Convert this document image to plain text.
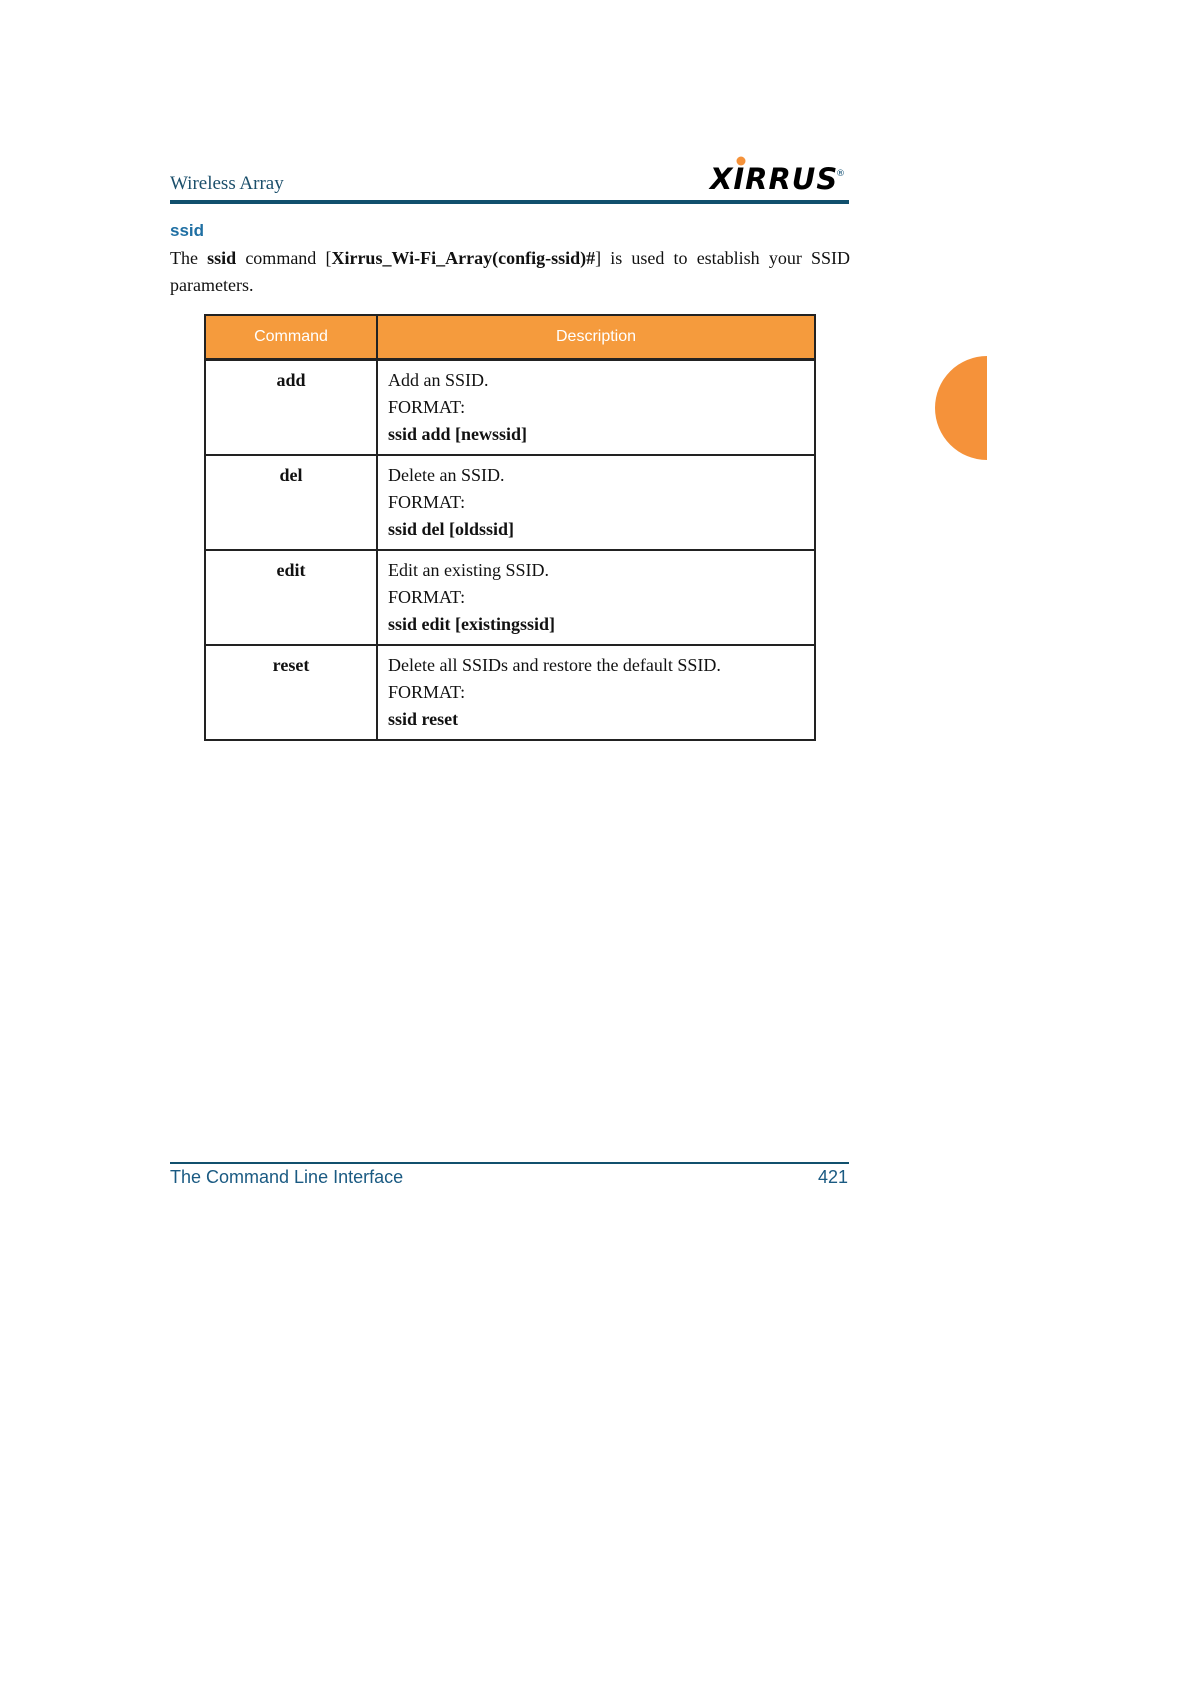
Wireless Array	XIRRUS
®
ssid
The ssid command [Xirrus_Wi-Fi_Array(config-ssid)#] is used to establish your SSID parameters.
Command	Description
add	Add an SSID.
FORMAT:
ssid add [newssid]

del	Delete an SSID.
FORMAT:
ssid del [oldssid]

edit	Edit an existing SSID.
FORMAT:
ssid edit [existingssid]

reset	Delete all SSIDs and restore the default SSID.
FORMAT:
ssid reset
The Command Line Interface	421
